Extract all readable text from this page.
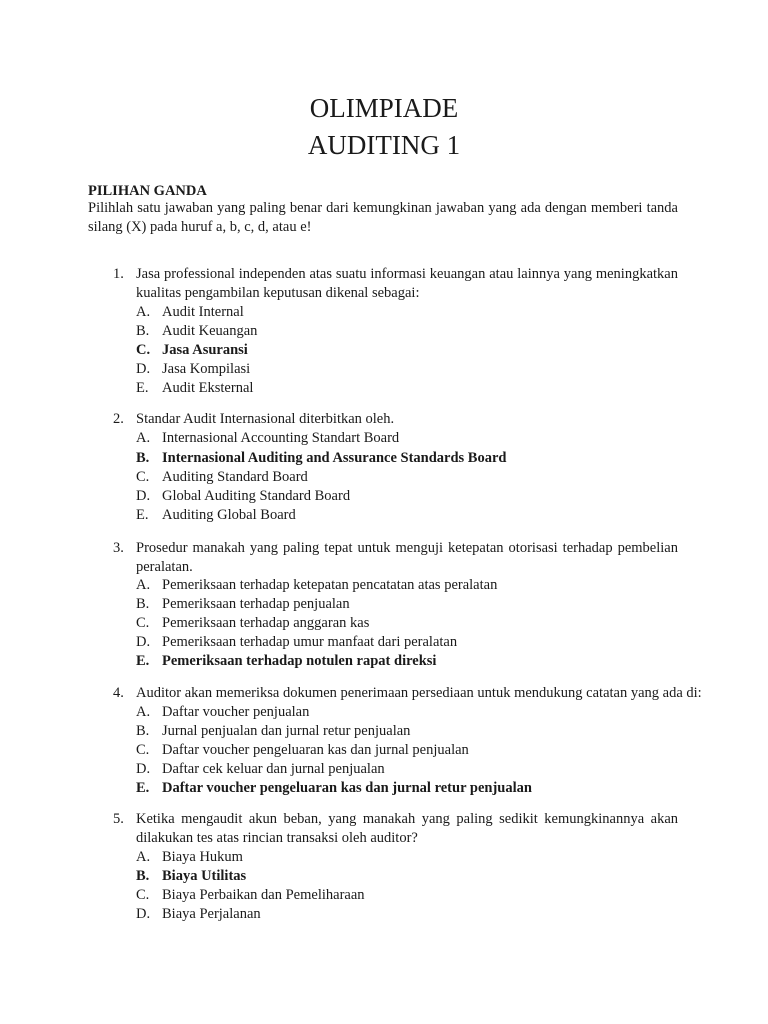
OLIMPIADE
AUDITING 1

PILIHAN GANDA

Pilihlah satu jawaban yang paling benar dari kemungkinan jawaban yang ada dengan memberi tanda silang (X) pada huruf a, b, c, d, atau e!

1. Jasa professional independen atas suatu informasi keuangan atau lainnya yang meningkatkan kualitas pengambilan keputusan dikenal sebagai:
A. Audit Internal
B. Audit Keuangan
C. Jasa Asuransi
D. Jasa Kompilasi
E. Audit Eksternal
2. Standar Audit Internasional diterbitkan oleh.
A. Internasional Accounting Standart Board
B. Internasional Auditing and Assurance Standards Board
C. Auditing Standard Board
D. Global Auditing Standard Board
E. Auditing Global Board
3. Prosedur manakah yang paling tepat untuk menguji ketepatan otorisasi terhadap pembelian peralatan.
A. Pemeriksaan terhadap ketepatan pencatatan atas peralatan
B. Pemeriksaan terhadap penjualan
C. Pemeriksaan terhadap anggaran kas
D. Pemeriksaan terhadap umur manfaat dari peralatan
E. Pemeriksaan terhadap notulen rapat direksi
4. Auditor akan memeriksa dokumen penerimaan persediaan untuk mendukung catatan yang ada di:
A. Daftar voucher penjualan
B. Jurnal penjualan dan jurnal retur penjualan
C. Daftar voucher pengeluaran kas dan jurnal penjualan
D. Daftar cek keluar dan jurnal penjualan
E. Daftar voucher pengeluaran kas dan jurnal retur penjualan
5. Ketika mengaudit akun beban, yang manakah yang paling sedikit kemungkinannya akan dilakukan tes atas rincian transaksi oleh auditor?
A. Biaya Hukum
B. Biaya Utilitas
C. Biaya Perbaikan dan Pemeliharaan
D. Biaya Perjalanan
